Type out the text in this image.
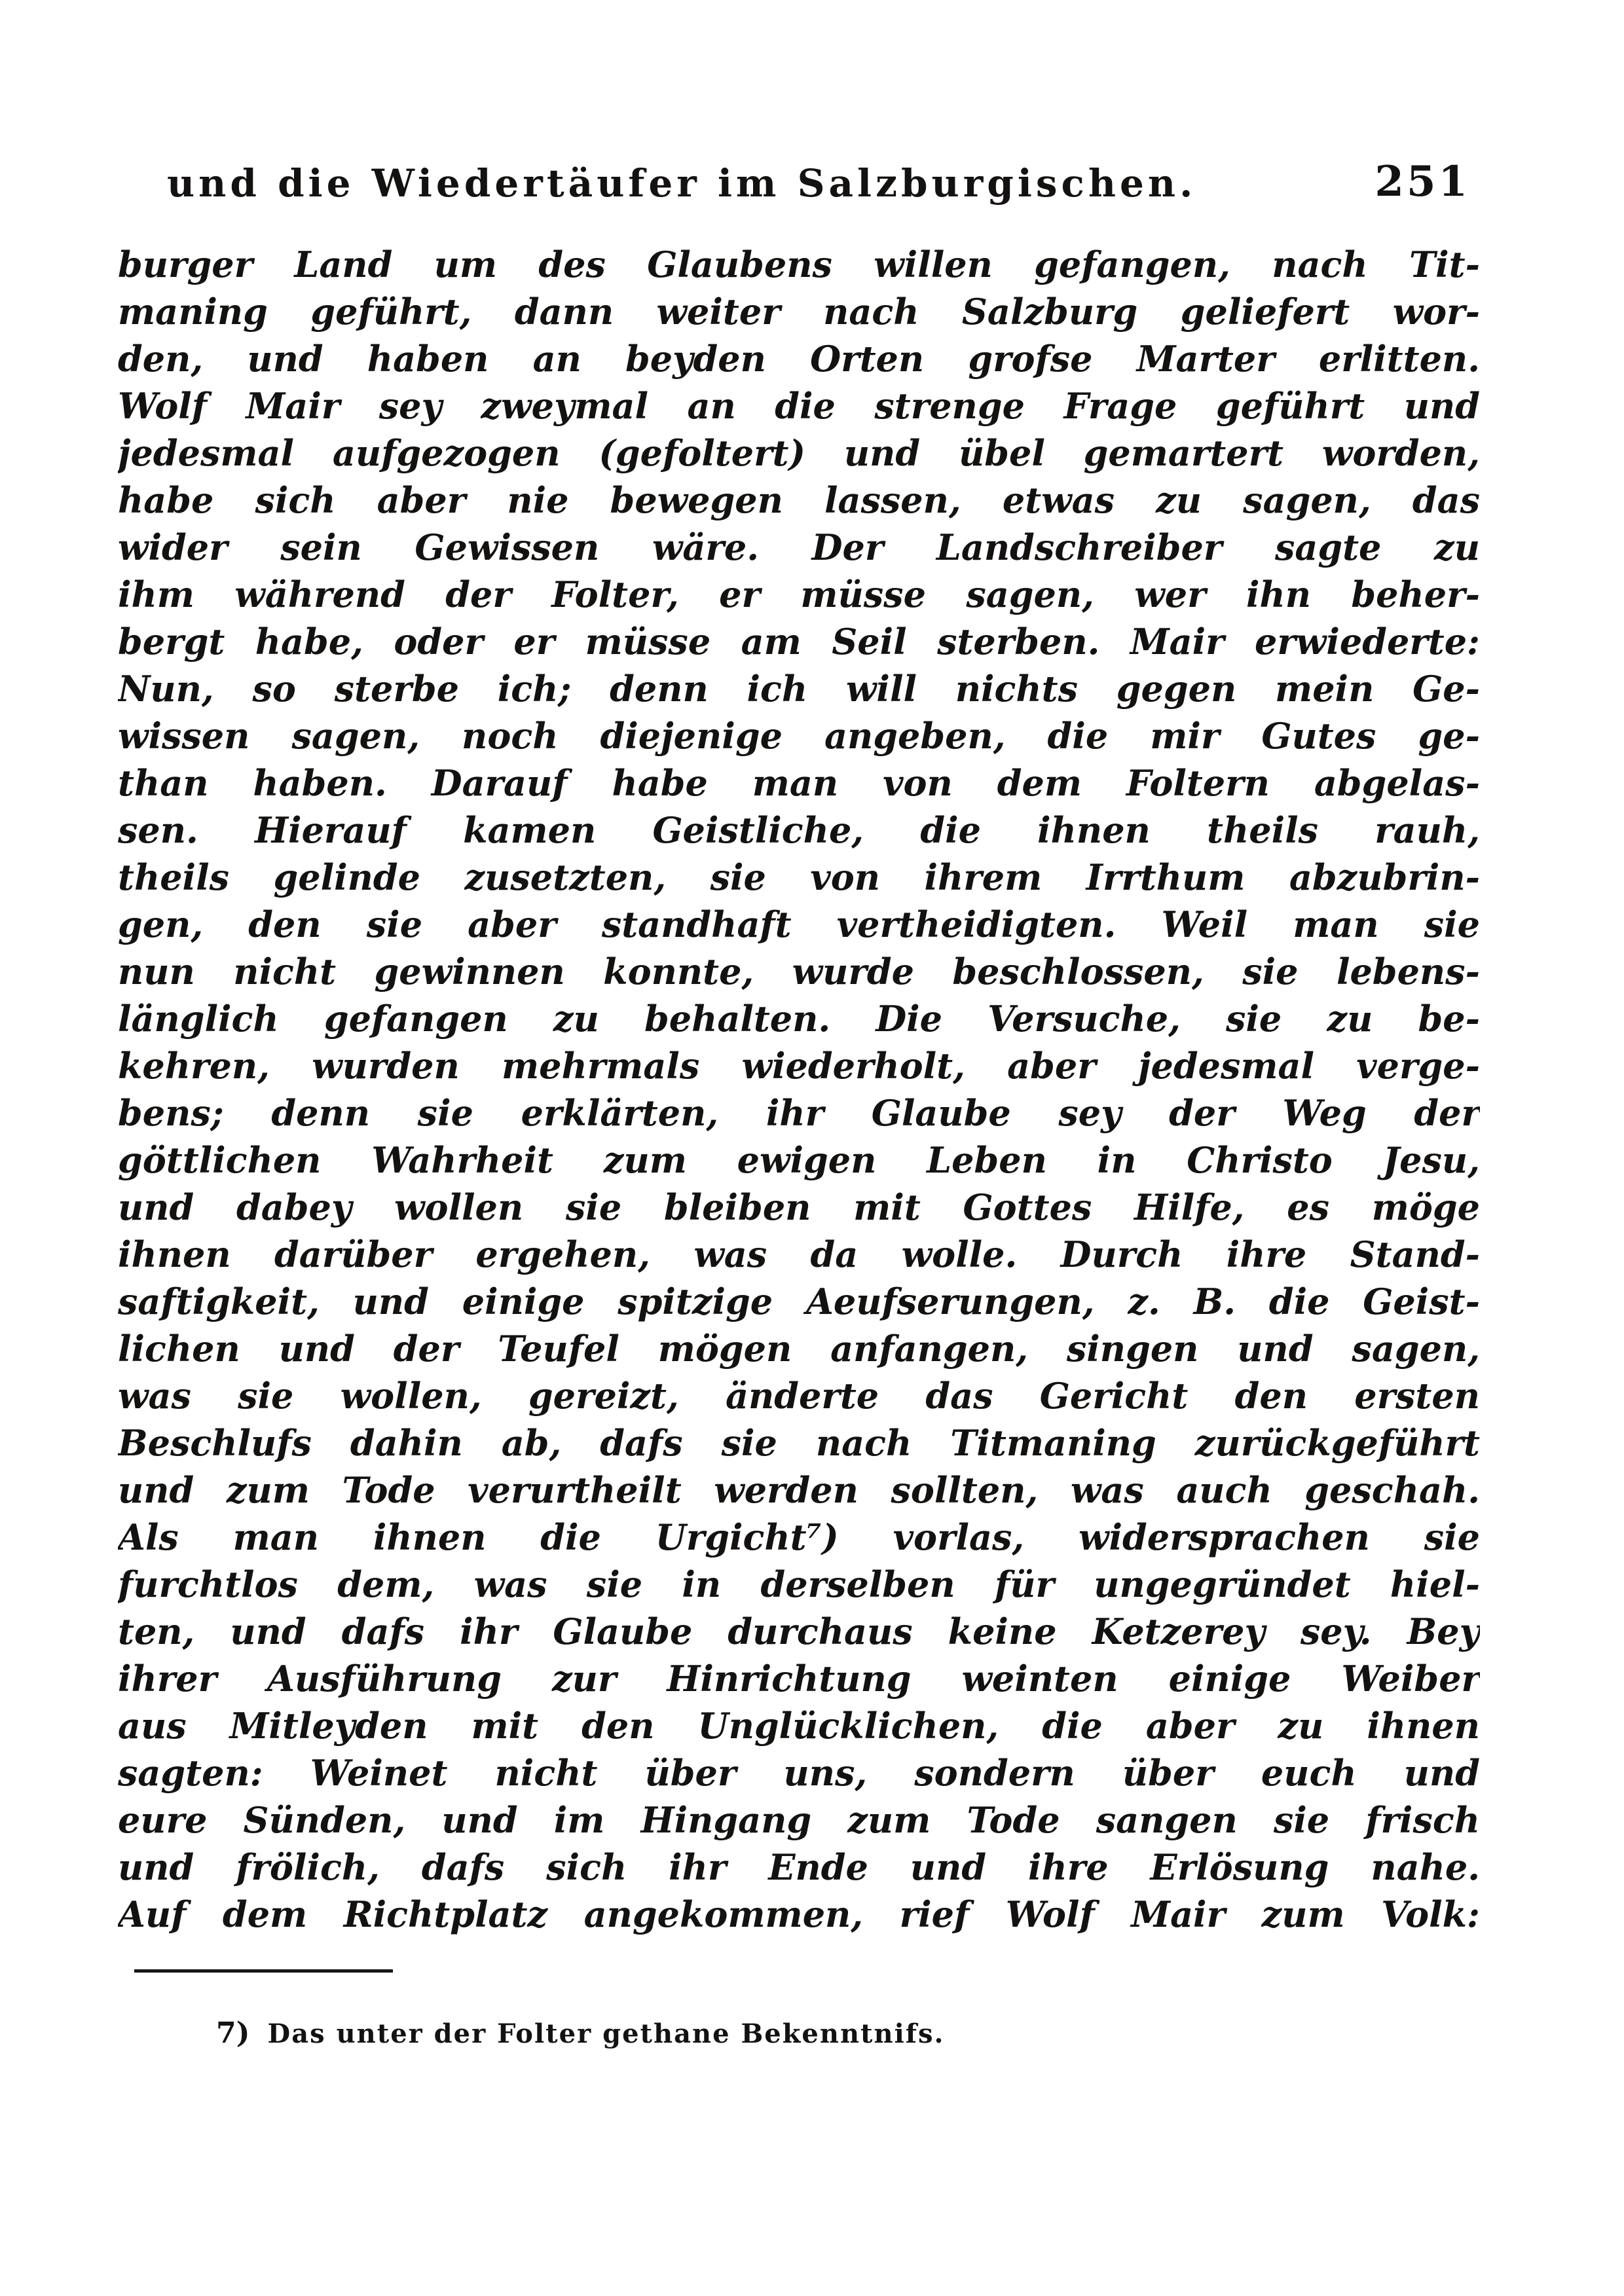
und die Wiedertäufer im Salzburgischen.	251
burger Land um des Glaubens willen gefangen, nach Tit-
maning geführt, dann weiter nach Salzburg geliefert wor-
den, und haben an beyden Orten grofse Marter erlitten.
Wolf Mair sey zweymal an die strenge Frage geführt und
jedesmal aufgezogen (gefoltert) und übel gemartert worden,
habe sich aber nie bewegen lassen, etwas zu sagen, das
wider sein Gewissen wäre. Der Landschreiber sagte zu
ihm während der Folter, er müsse sagen, wer ihn beher-
bergt habe, oder er müsse am Seil sterben. Mair erwiederte:
Nun, so sterbe ich; denn ich will nichts gegen mein Ge-
wissen sagen, noch diejenige angeben, die mir Gutes ge-
than haben. Darauf habe man von dem Foltern abgelas-
sen. Hierauf kamen Geistliche, die ihnen theils rauh,
theils gelinde zusetzten, sie von ihrem Irrthum abzubrin-
gen, den sie aber standhaft vertheidigten. Weil man sie
nun nicht gewinnen konnte, wurde beschlossen, sie lebens-
länglich gefangen zu behalten. Die Versuche, sie zu be-
kehren, wurden mehrmals wiederholt, aber jedesmal verge-
bens; denn sie erklärten, ihr Glaube sey der Weg der
göttlichen Wahrheit zum ewigen Leben in Christo Jesu,
und dabey wollen sie bleiben mit Gottes Hilfe, es möge
ihnen darüber ergehen, was da wolle. Durch ihre Stand-
saftigkeit, und einige spitzige Aeufserungen, z. B. die Geist-
lichen und der Teufel mögen anfangen, singen und sagen,
was sie wollen, gereizt, änderte das Gericht den ersten
Beschlufs dahin ab, dafs sie nach Titmaning zurückgeführt
und zum Tode verurtheilt werden sollten, was auch geschah.
Als man ihnen die Urgicht⁷) vorlas, widersprachen sie
furchtlos dem, was sie in derselben für ungegründet hiel-
ten, und dafs ihr Glaube durchaus keine Ketzerey sey. Bey
ihrer Ausführung zur Hinrichtung weinten einige Weiber
aus Mitleyden mit den Unglücklichen, die aber zu ihnen
sagten: Weinet nicht über uns, sondern über euch und
eure Sünden, und im Hingang zum Tode sangen sie frisch
und frölich, dafs sich ihr Ende und ihre Erlösung nahe.
Auf dem Richtplatz angekommen, rief Wolf Mair zum Volk:
7) Das unter der Folter gethane Bekenntnifs.
